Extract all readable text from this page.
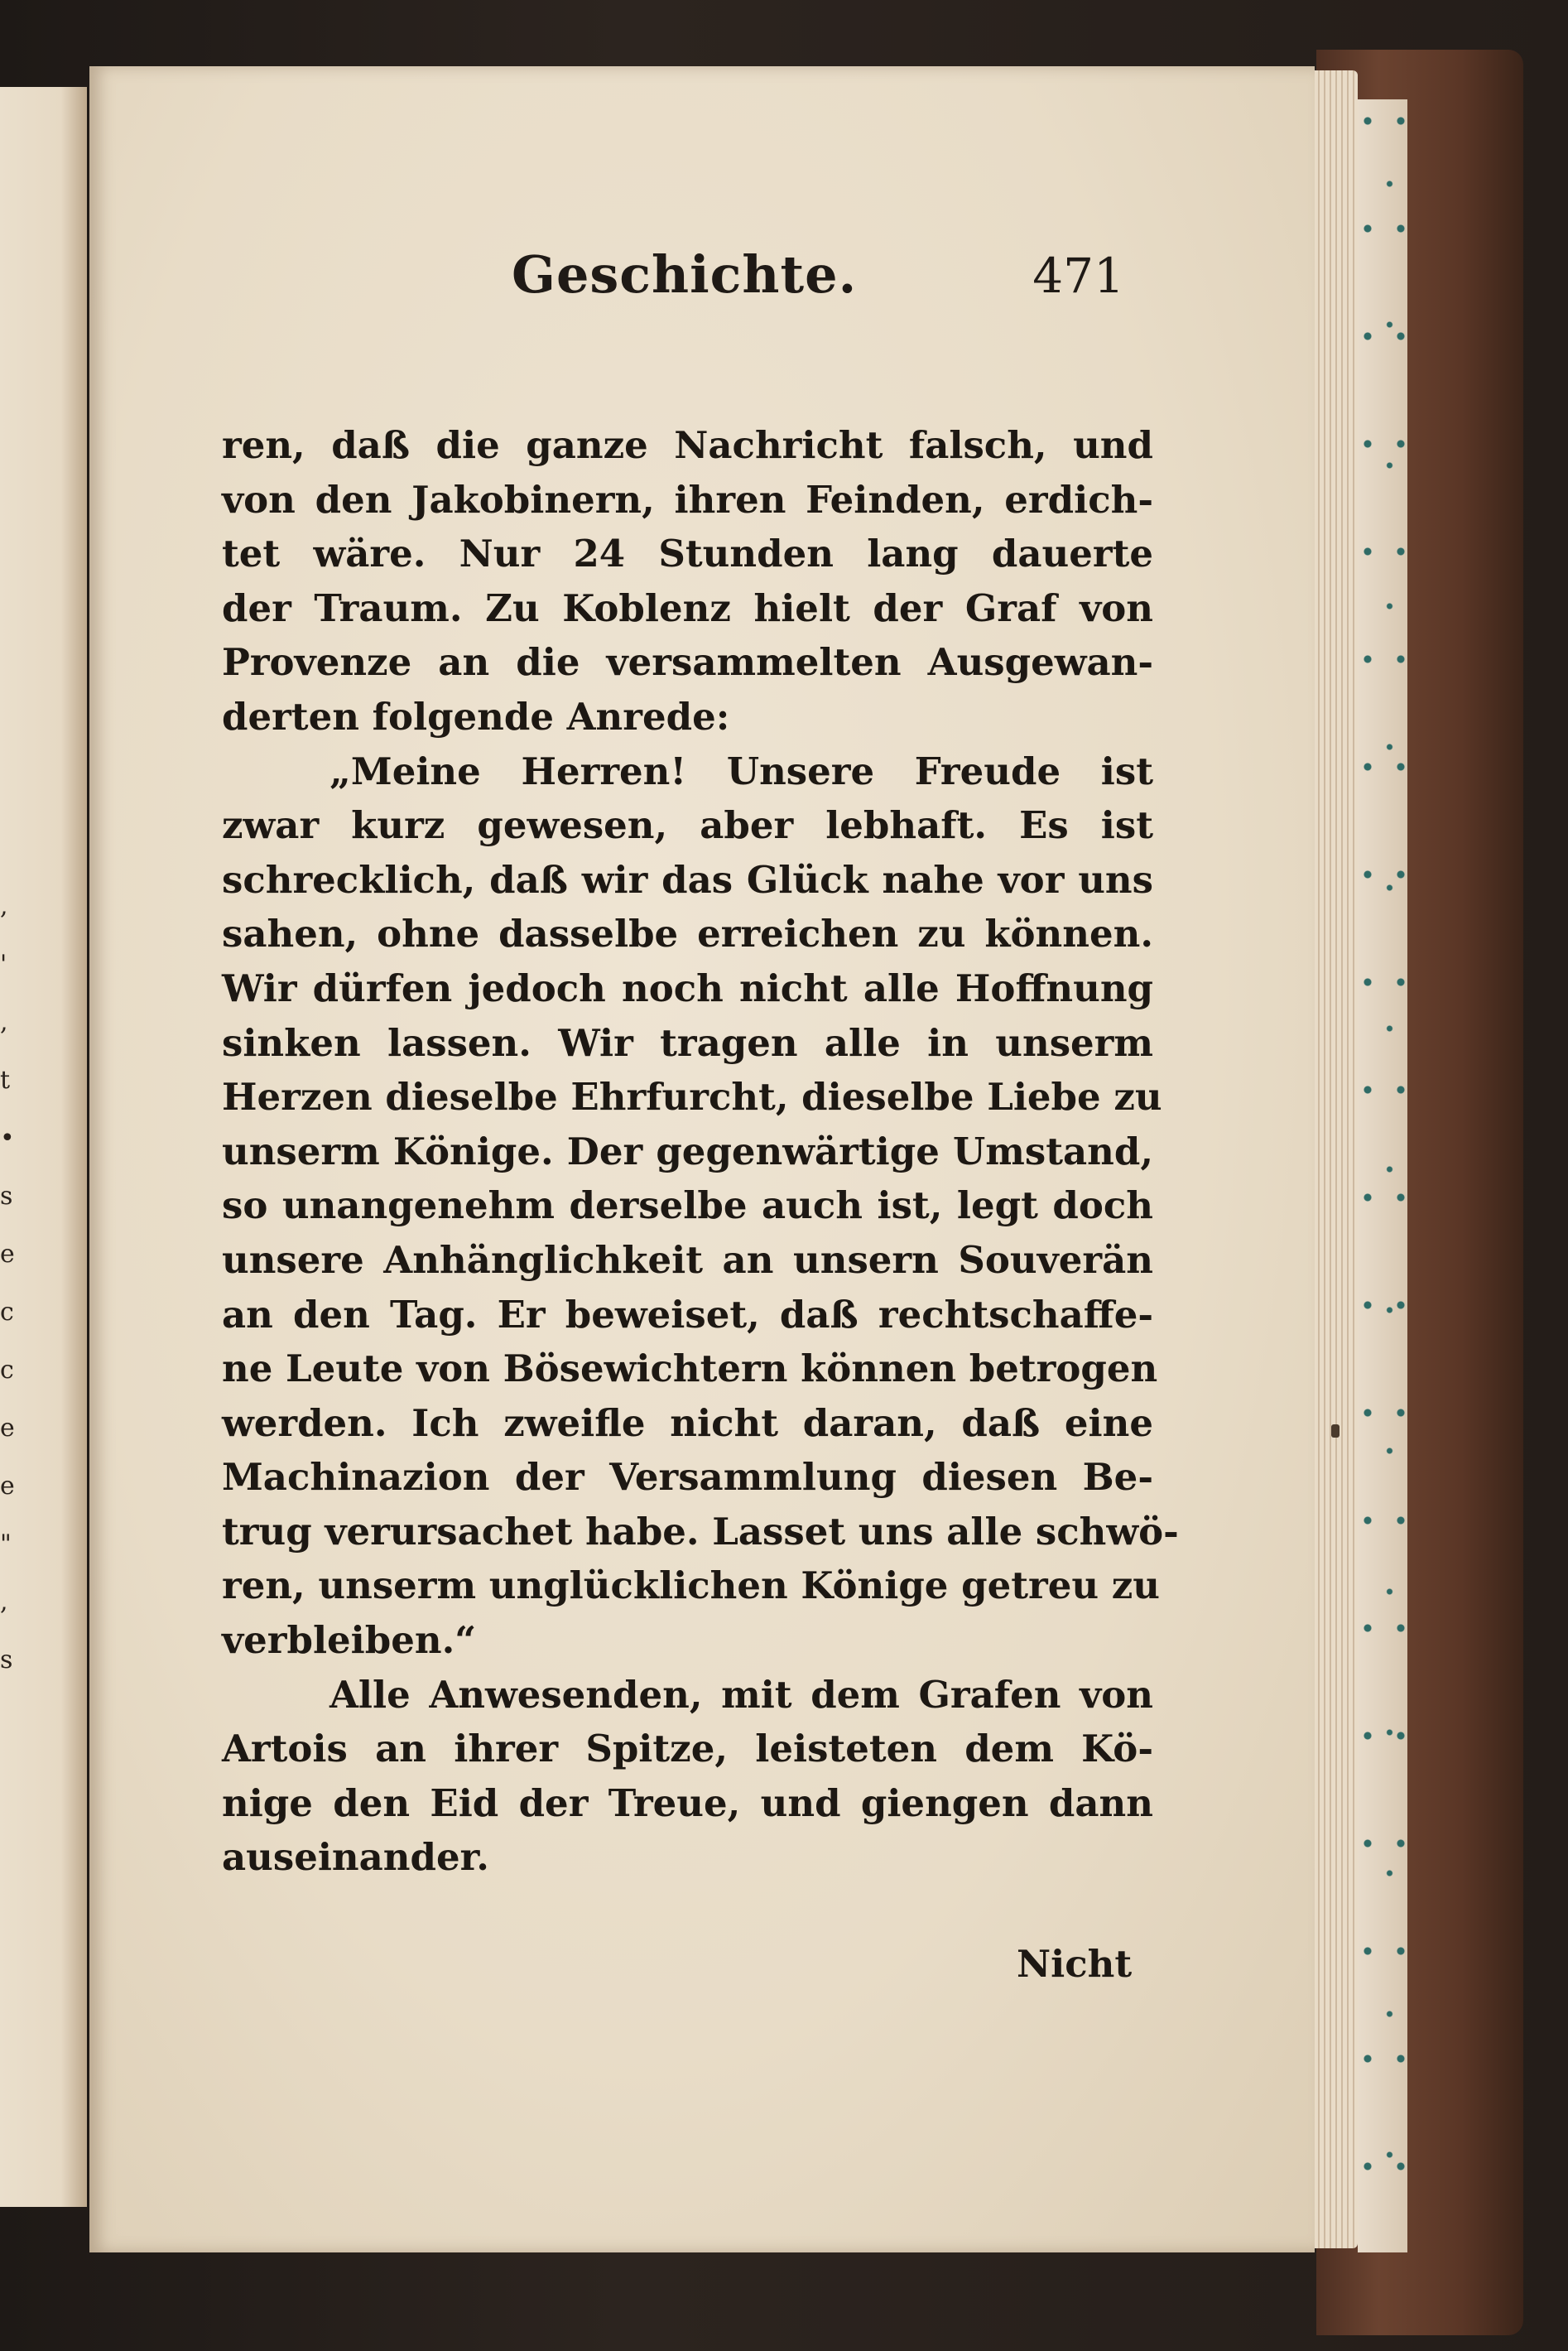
,
'
,
t
•
s
e
c
c
e
e
"
,
s
Geschichte.	471
ren, daß die ganze Nachricht falsch, und
von den Jakobinern, ihren Feinden, erdich-
tet wäre. Nur 24 Stunden lang dauerte
der Traum. Zu Koblenz hielt der Graf von
Provenze an die versammelten Ausgewan-
derten folgende Anrede:
„Meine Herren! Unsere Freude ist
zwar kurz gewesen, aber lebhaft. Es ist
schrecklich, daß wir das Glück nahe vor uns
sahen, ohne dasselbe erreichen zu können.
Wir dürfen jedoch noch nicht alle Hoffnung
sinken lassen. Wir tragen alle in unserm
Herzen dieselbe Ehrfurcht, dieselbe Liebe zu
unserm Könige. Der gegenwärtige Umstand,
so unangenehm derselbe auch ist, legt doch
unsere Anhänglichkeit an unsern Souverän
an den Tag. Er beweiset, daß rechtschaffe-
ne Leute von Bösewichtern können betrogen
werden. Ich zweifle nicht daran, daß eine
Machinazion der Versammlung diesen Be-
trug verursachet habe. Lasset uns alle schwö-
ren, unserm unglücklichen Könige getreu zu
verbleiben.“
Alle Anwesenden, mit dem Grafen von
Artois an ihrer Spitze, leisteten dem Kö-
nige den Eid der Treue, und giengen dann
auseinander.
Nicht
